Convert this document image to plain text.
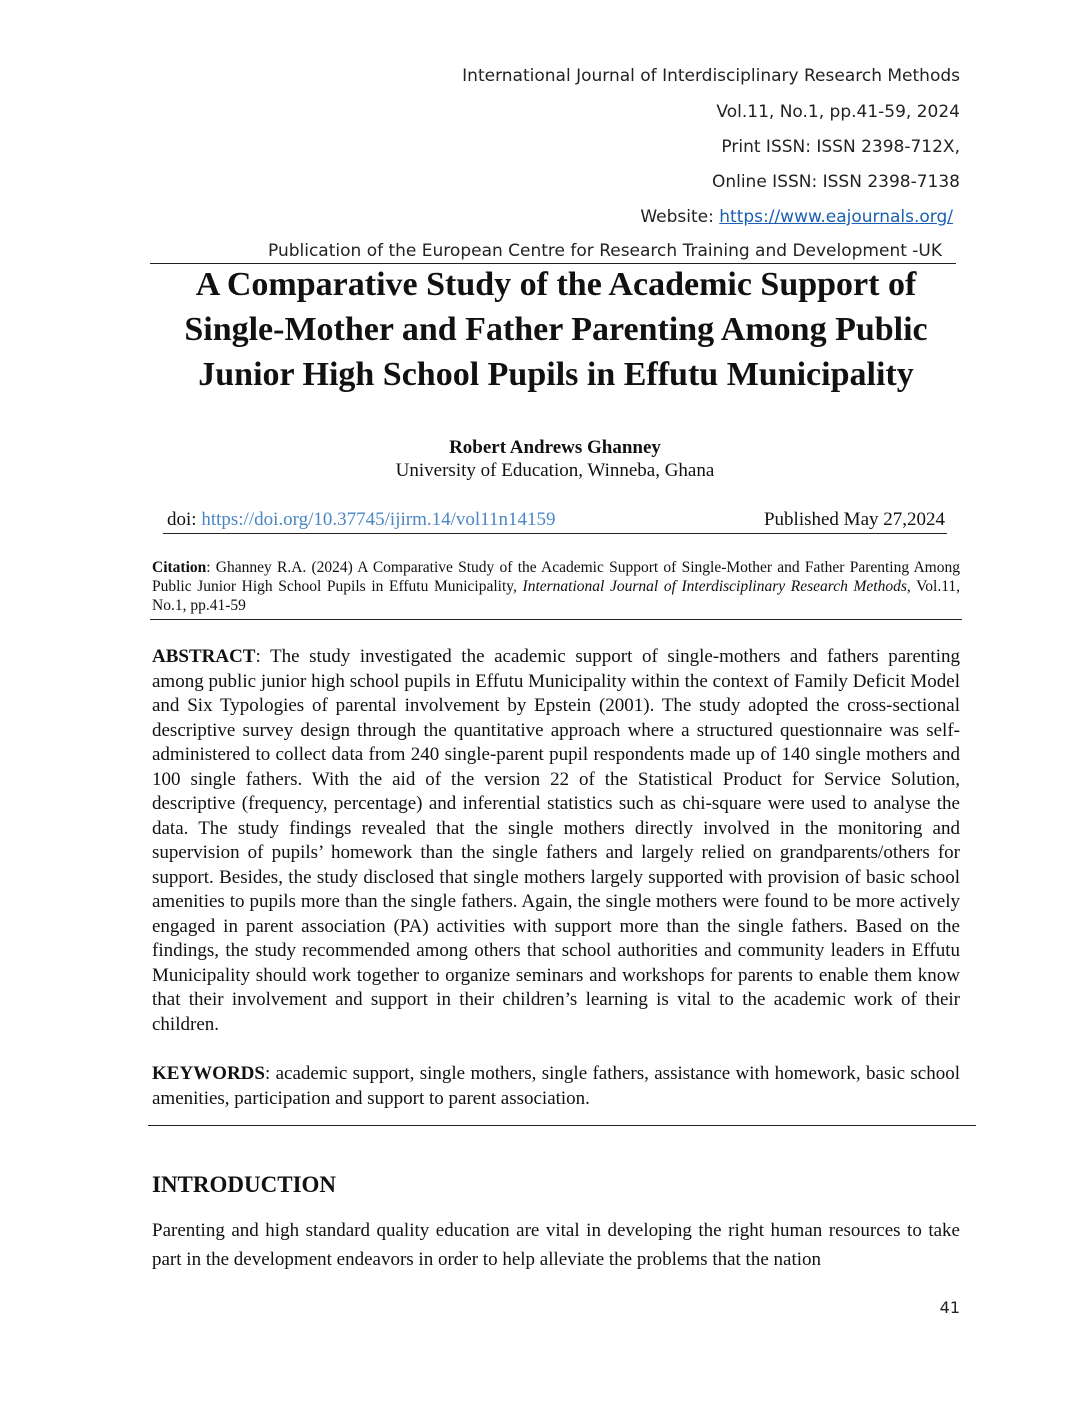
International Journal of Interdisciplinary Research Methods
Vol.11, No.1, pp.41-59, 2024
Print ISSN: ISSN 2398-712X,
Online ISSN: ISSN 2398-7138
Website: https://www.eajournals.org/
Publication of the European Centre for Research Training and Development -UK
A Comparative Study of the Academic Support of
Single-Mother and Father Parenting Among Public
Junior High School Pupils in Effutu Municipality
Robert Andrews Ghanney
University of Education, Winneba, Ghana
doi: https://doi.org/10.37745/ijirm.14/vol11n14159	Published May 27,2024
Citation: Ghanney R.A. (2024) A Comparative Study of the Academic Support of Single-Mother and Father Parenting Among Public Junior High School Pupils in Effutu Municipality, International Journal of Interdisciplinary Research Methods, Vol.11, No.1, pp.41-59
ABSTRACT: The study investigated the academic support of single-mothers and fathers parenting among public junior high school pupils in Effutu Municipality within the context of Family Deficit Model and Six Typologies of parental involvement by Epstein (2001). The study adopted the cross-sectional descriptive survey design through the quantitative approach where a structured questionnaire was self-administered to collect data from 240 single-parent pupil respondents made up of 140 single mothers and 100 single fathers. With the aid of the version 22 of the Statistical Product for Service Solution, descriptive (frequency, percentage) and inferential statistics such as chi-square were used to analyse the data. The study findings revealed that the single mothers directly involved in the monitoring and supervision of pupils’ homework than the single fathers and largely relied on grandparents/others for support. Besides, the study disclosed that single mothers largely supported with provision of basic school amenities to pupils more than the single fathers. Again, the single mothers were found to be more actively engaged in parent association (PA) activities with support more than the single fathers. Based on the findings, the study recommended among others that school authorities and community leaders in Effutu Municipality should work together to organize seminars and workshops for parents to enable them know that their involvement and support in their children’s learning is vital to the academic work of their children.
KEYWORDS: academic support, single mothers, single fathers, assistance with homework, basic school amenities, participation and support to parent association.
INTRODUCTION
Parenting and high standard quality education are vital in developing the right human resources to take part in the development endeavors in order to help alleviate the problems that the nation
41
